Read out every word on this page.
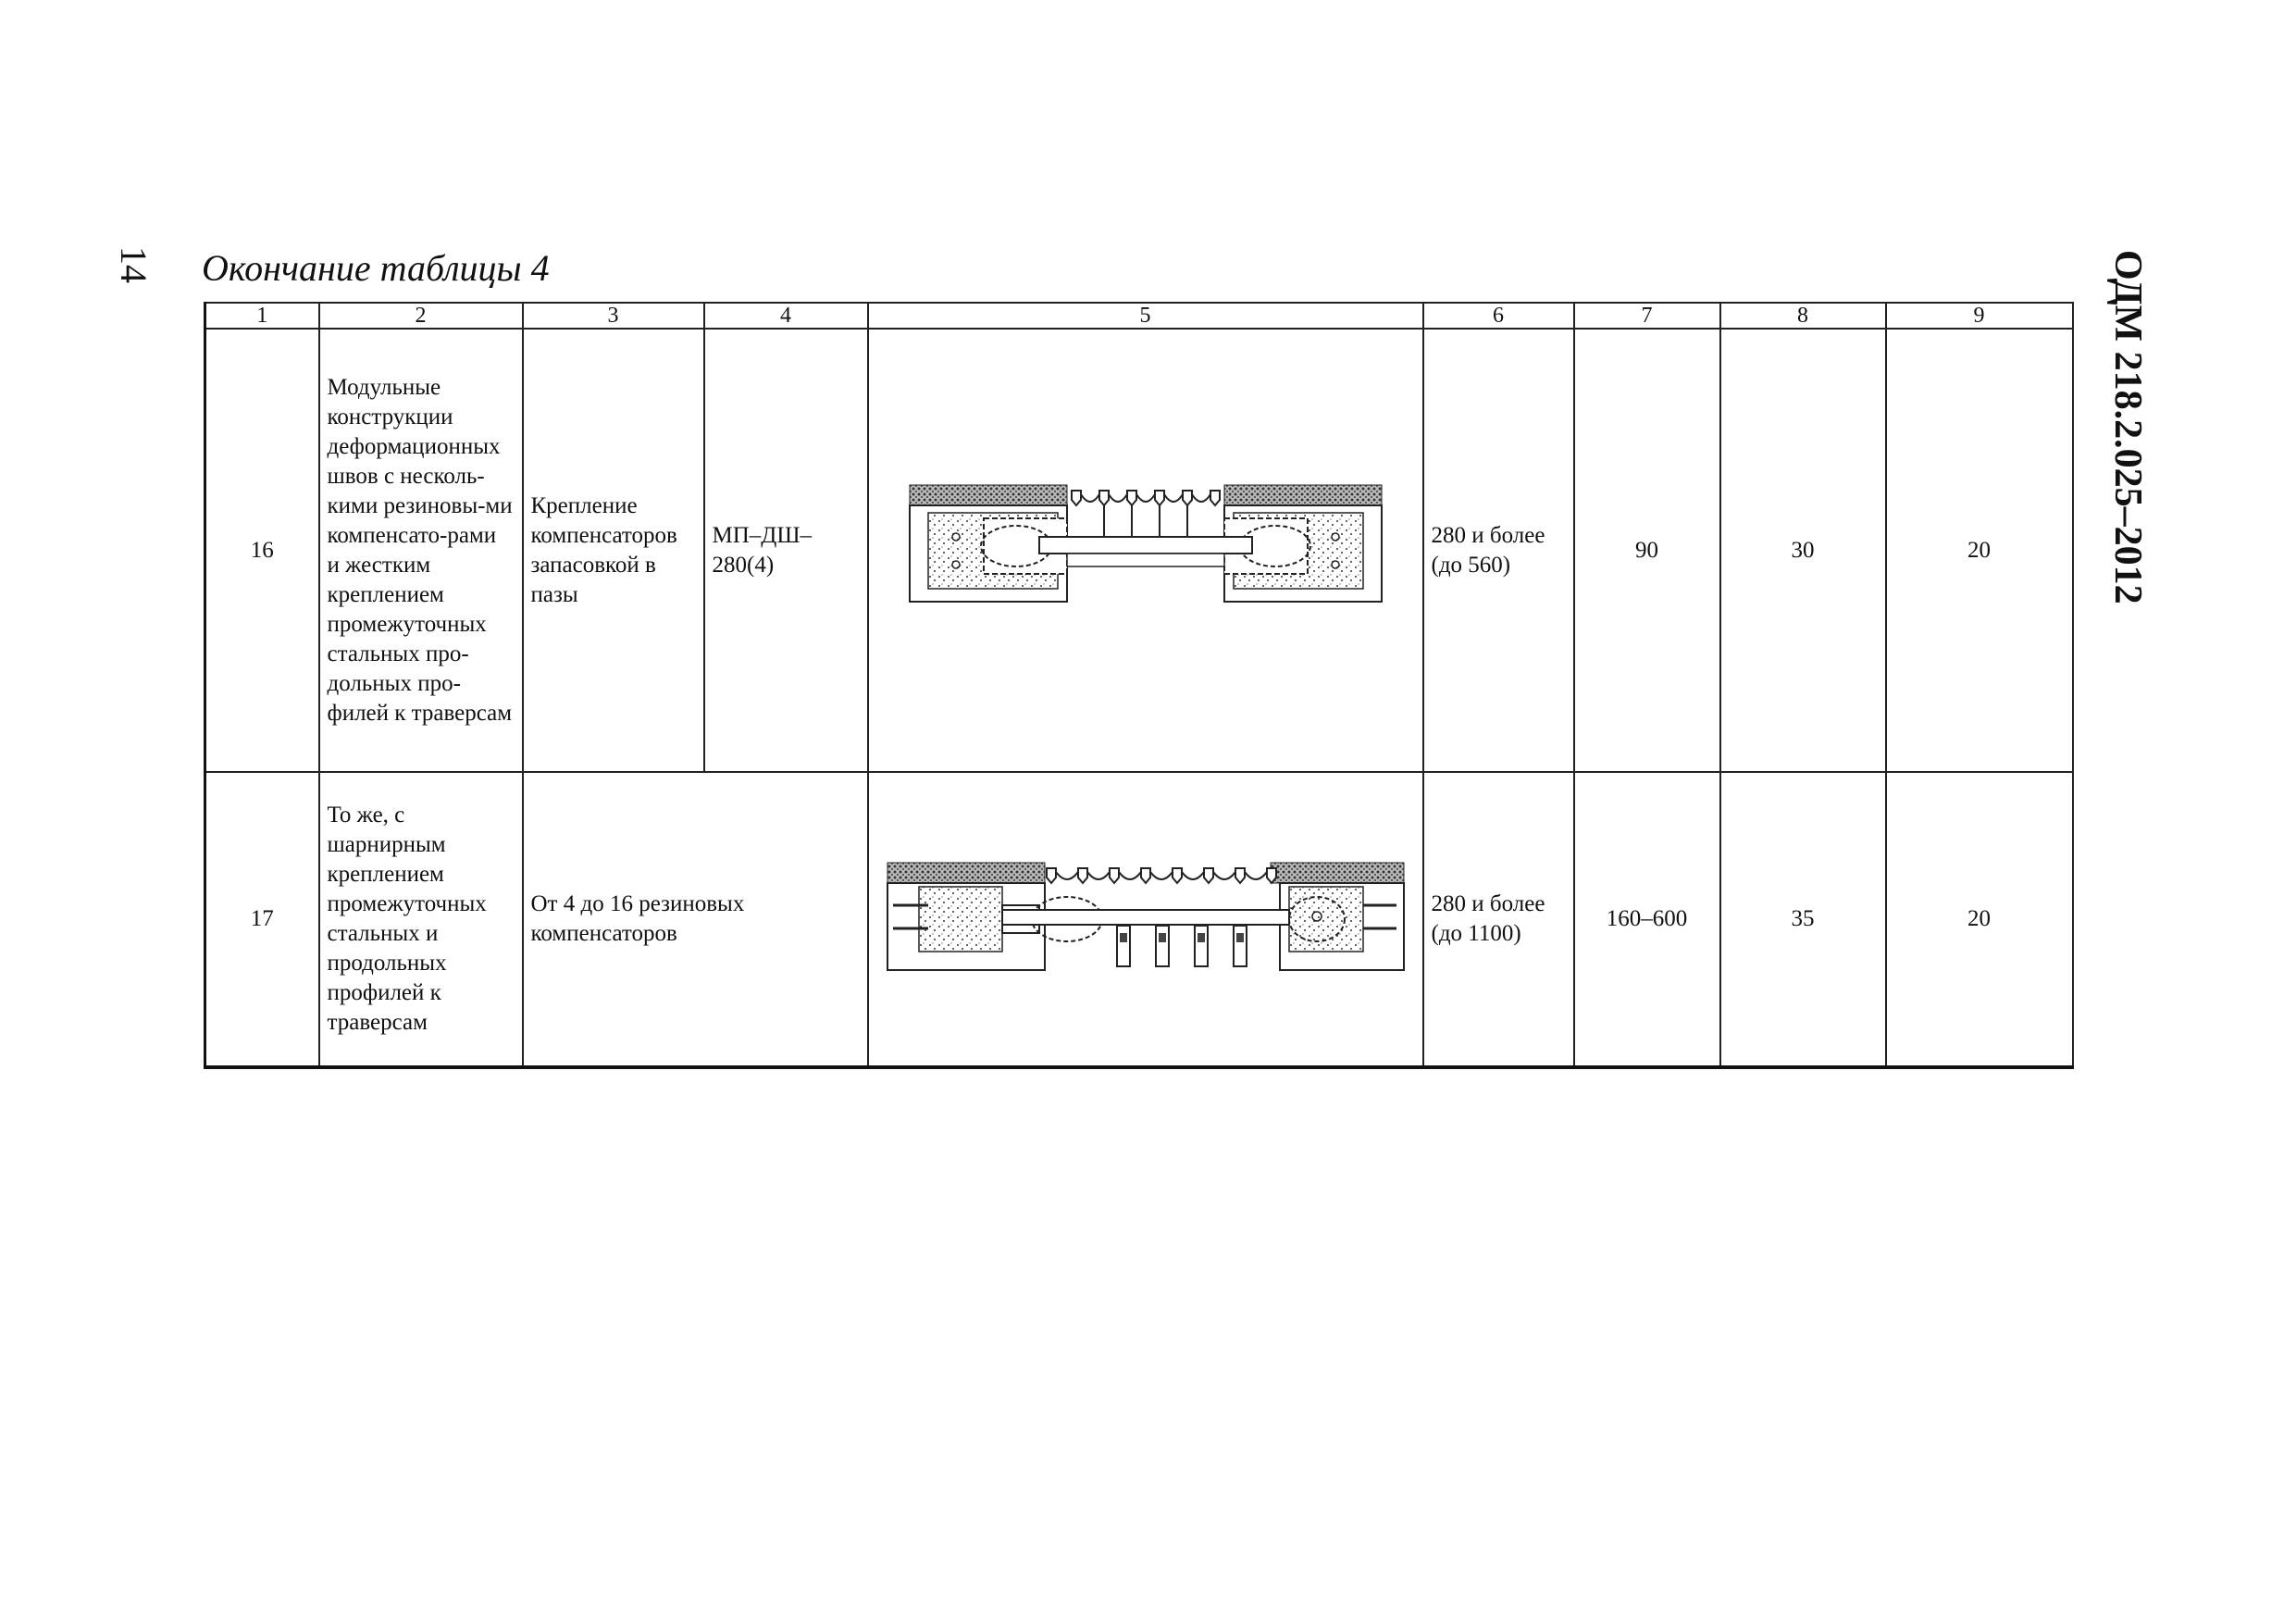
14 Окончание таблицы 4	ОДМ 218.2.025–2012
1	2	3	4	5	6	7	8	9
16	Модульные конструкции деформационных швов с несколь-кими резиновы-ми компенсато-рами и жестким креплением промежуточных стальных про-дольных про-филей к траверсам	Крепление компенсаторов запасовкой в пазы	МП–ДШ–280(4)		280 и более (до 560)	90	30	20
17	То же, с шарнирным креплением промежуточных стальных и продольных профилей к траверсам	От 4 до 16 резиновых компенсаторов			280 и более (до 1100)	160–600	35	20
